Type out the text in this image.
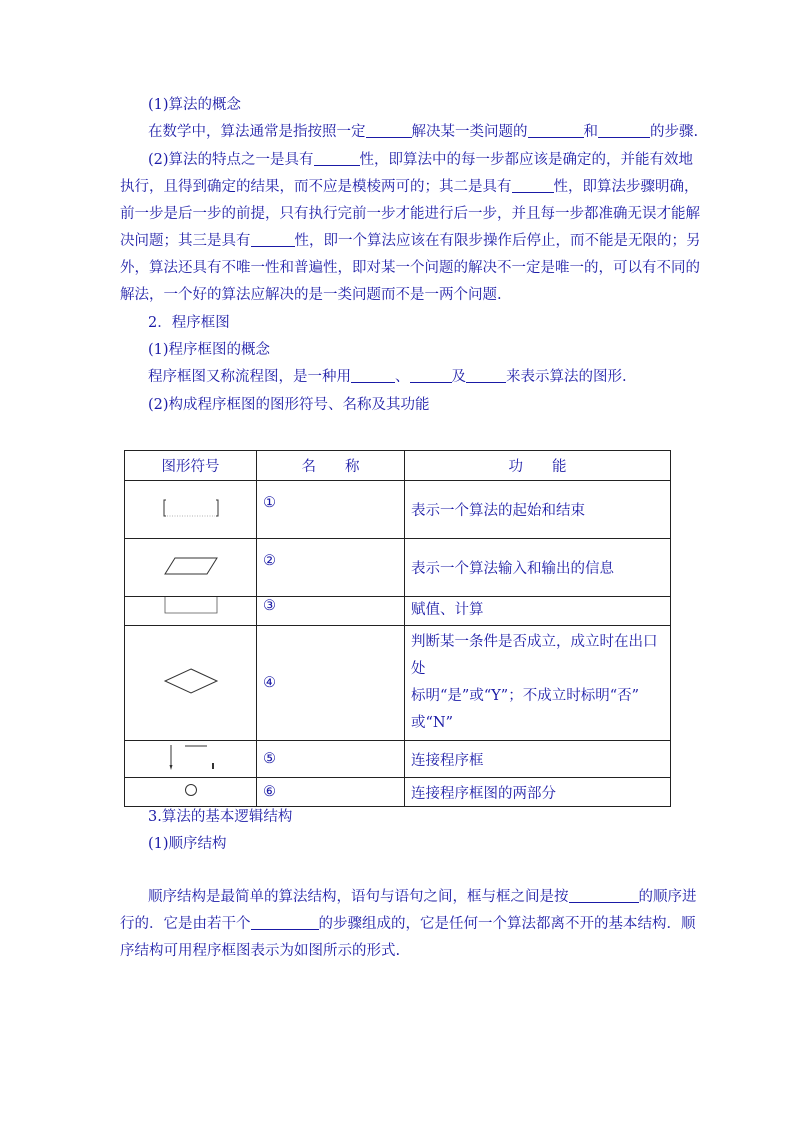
(1)算法的概念
在数学中，算法通常是指按照一定	解决某一类问题的	和	的步骤.
(2)算法的特点之一是具有	性，即算法中的每一步都应该是确定的，并能有效地
执行，且得到确定的结果，而不应是模棱两可的；其二是具有	性，即算法步骤明确，
前一步是后一步的前提，只有执行完前一步才能进行后一步，并且每一步都准确无误才能解
决问题；其三是具有	性，即一个算法应该在有限步操作后停止，而不能是无限的；另
外，算法还具有不唯一性和普遍性，即对某一个问题的解决不一定是唯一的，可以有不同的
解法，一个好的算法应解决的是一类问题而不是一两个问题.
2．程序框图
(1)程序框图的概念
程序框图又称流程图，是一种用	、	及	来表示算法的图形.
(2)构成程序框图的图形符号、名称及其功能
图形符号	名　　称	功　　能
	①	表示一个算法的起始和结束
	②	表示一个算法输入和输出的信息
	③	赋值、计算
	④	判断某一条件是否成立，成立时在出口处
标明“是”或“Y”；不成立时标明“否”
或“N”

	⑤	连接程序框
	⑥	连接程序框图的两部分
3.算法的基本逻辑结构
(1)顺序结构
顺序结构是最简单的算法结构，语句与语句之间，框与框之间是按	的顺序进
行的．它是由若干个	的步骤组成的，它是任何一个算法都离不开的基本结构．顺
序结构可用程序框图表示为如图所示的形式.
